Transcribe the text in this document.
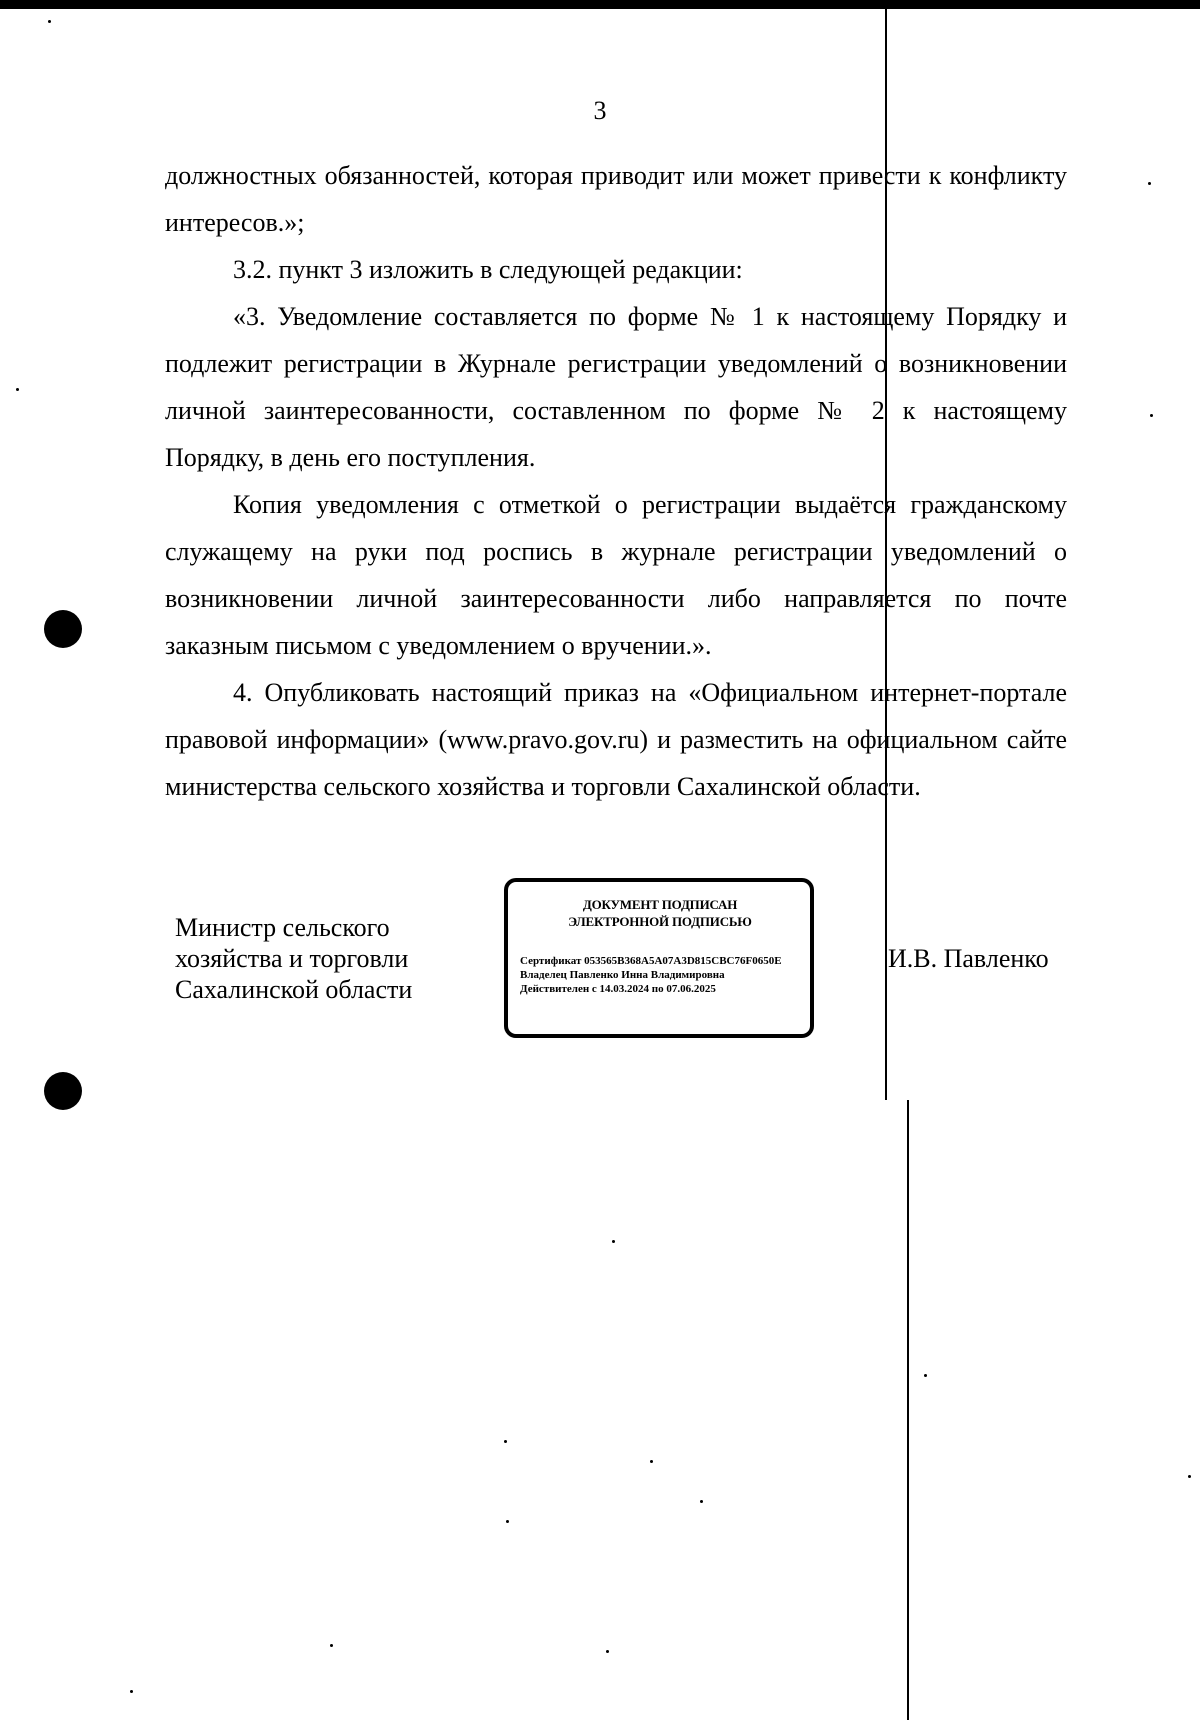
3

должностных обязанностей, которая приводит или может привести к конфликту интересов.»;

3.2. пункт 3 изложить в следующей редакции:

«3. Уведомление составляется по форме № 1 к настоящему Порядку и подлежит регистрации в Журнале регистрации уведомлений о возникновении личной заинтересованности, составленном по форме № 2 к настоящему Порядку, в день его поступления.

Копия уведомления с отметкой о регистрации выдаётся гражданскому служащему на руки под роспись в журнале регистрации уведомлений о возникновении личной заинтересованности либо направляется по почте заказным письмом с уведомлением о вручении.».

4. Опубликовать настоящий приказ на «Официальном интернет-портале правовой информации» (www.pravo.gov.ru) и разместить на официальном сайте министерства сельского хозяйства и торговли Сахалинской области.

Министр сельского
хозяйства и торговли
Сахалинской области
ДОКУМЕНТ ПОДПИСАН
ЭЛЕКТРОННОЙ ПОДПИСЬЮ
Сертификат 053565B368A5A07A3D815CBC76F0650E
Владелец Павленко Инна Владимировна
Действителен с 14.03.2024 по 07.06.2025
И.В. Павленко
